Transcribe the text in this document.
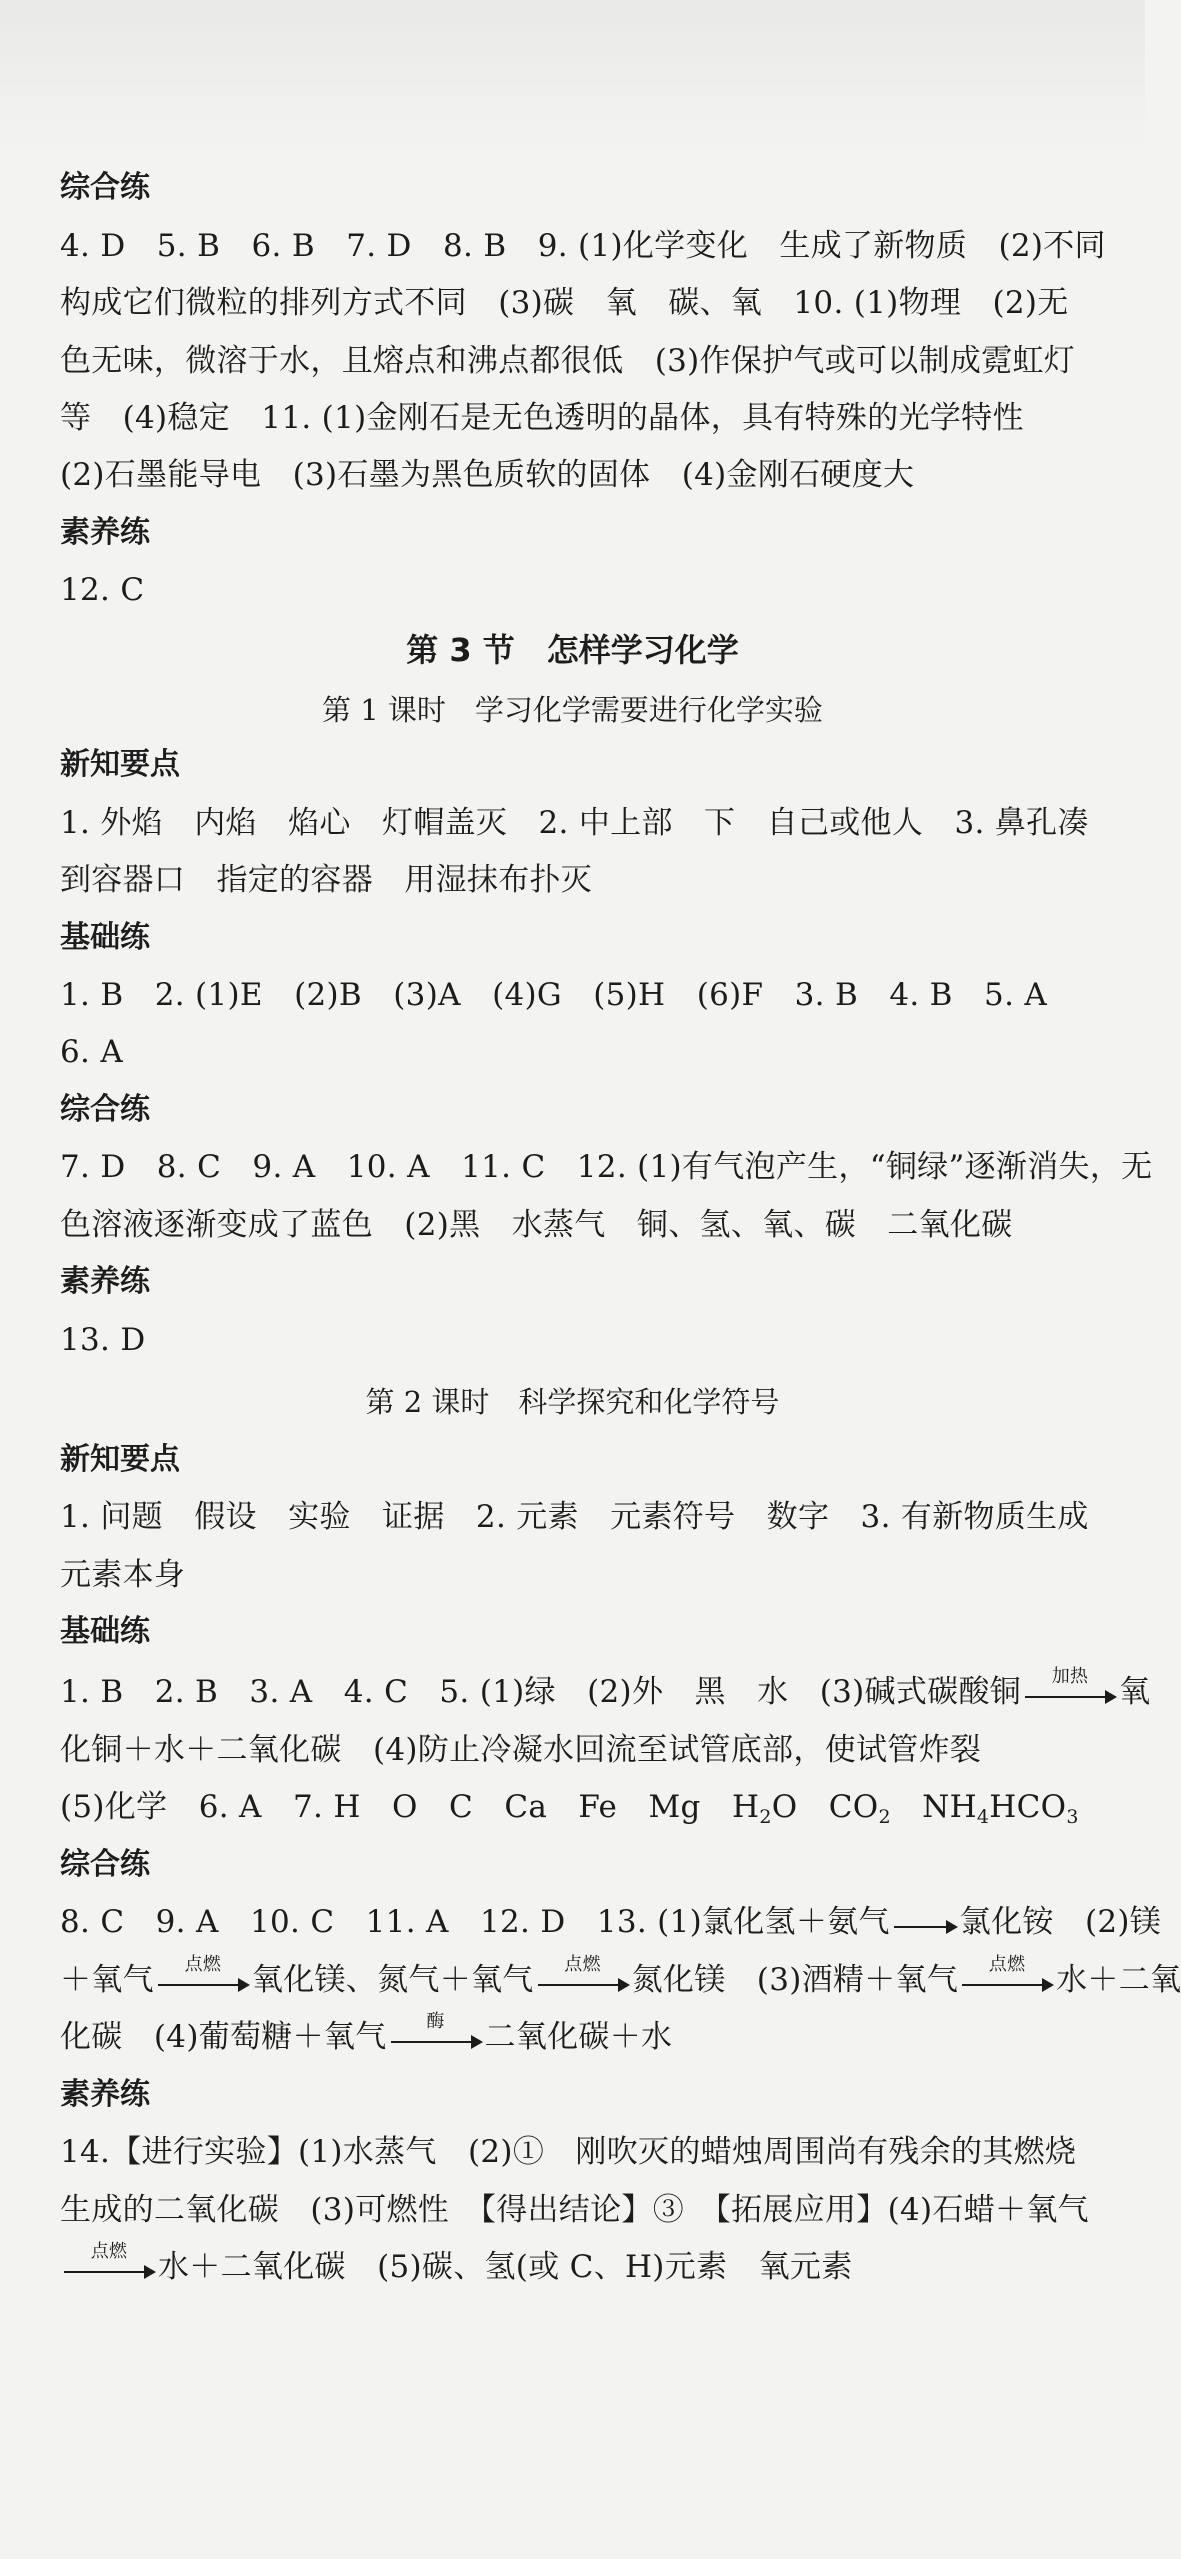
综合练
4. D　5. B　6. B　7. D　8. B　9. (1)化学变化　生成了新物质　(2)不同
构成它们微粒的排列方式不同　(3)碳　氧　碳、氧　10. (1)物理　(2)无
色无味，微溶于水，且熔点和沸点都很低　(3)作保护气或可以制成霓虹灯
等　(4)稳定　11. (1)金刚石是无色透明的晶体，具有特殊的光学特性
(2)石墨能导电　(3)石墨为黑色质软的固体　(4)金刚石硬度大
素养练
12. C
第 3 节　怎样学习化学
第 1 课时　学习化学需要进行化学实验
新知要点
1. 外焰　内焰　焰心　灯帽盖灭　2. 中上部　下　自己或他人　3. 鼻孔凑
到容器口　指定的容器　用湿抹布扑灭
基础练
1. B　2. (1)E　(2)B　(3)A　(4)G　(5)H　(6)F　3. B　4. B　5. A
6. A
综合练
7. D　8. C　9. A　10. A　11. C　12. (1)有气泡产生，“铜绿”逐渐消失，无
色溶液逐渐变成了蓝色　(2)黑　水蒸气　铜、氢、氧、碳　二氧化碳
素养练
13. D
第 2 课时　科学探究和化学符号
新知要点
1. 问题　假设　实验　证据　2. 元素　元素符号　数字　3. 有新物质生成
元素本身
基础练
1. B　2. B　3. A　4. C　5. (1)绿　(2)外　黑　水　(3)碱式碳酸铜	加热 氧
化铜＋水＋二氧化碳　(4)防止冷凝水回流至试管底部，使试管炸裂
(5)化学　6. A　7. H　O　C　Ca　Fe　Mg　$H_2O$　$CO_2$　$NH_4HCO_3$
综合练
8. C　9. A　10. C　11. A　12. D　13. (1)氯化氢＋氨气 氯化铵　(2)镁
＋氧气	点燃 氧化镁、氮气＋氧气	点燃 氮化镁　(3)酒精＋氧气	点燃 水＋二氧
化碳　(4)葡萄糖＋氧气	酶	二氧化碳＋水
素养练
14.【进行实验】(1)水蒸气　(2)①　刚吹灭的蜡烛周围尚有残余的其燃烧
生成的二氧化碳　(3)可燃性　【得出结论】③　【拓展应用】(4)石蜡＋氧气
点燃 水＋二氧化碳　(5)碳、氢(或 C、H)元素　氧元素
